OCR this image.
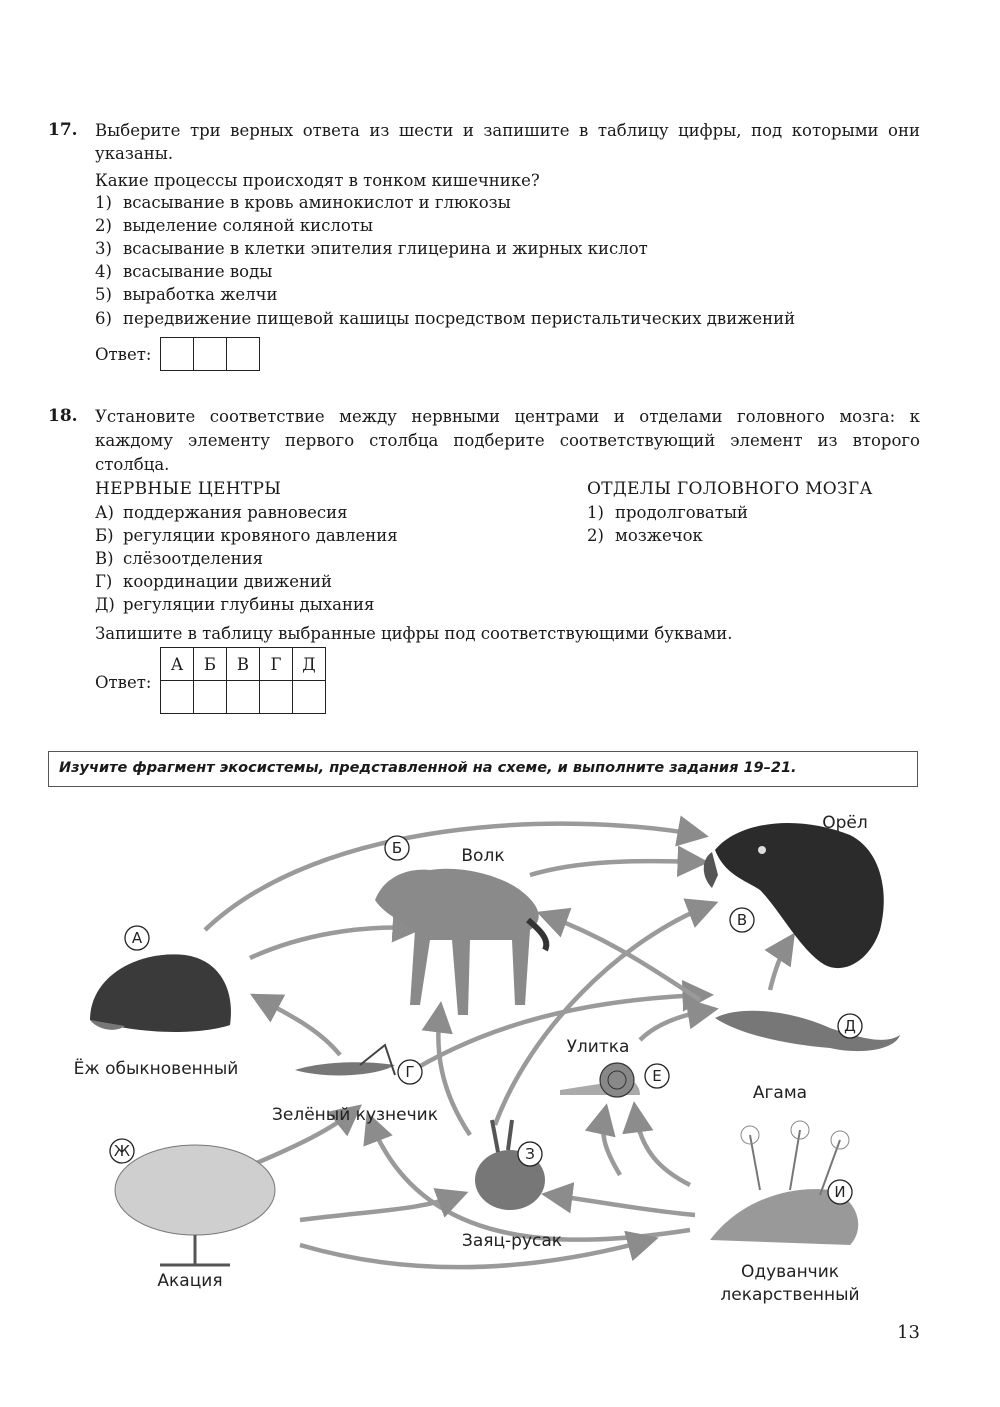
17. Выберите три верных ответа из шести и запишите в таблицу цифры, под которыми они
указаны.
Какие процессы происходят в тонком кишечнике?
1) всасывание в кровь аминокислот и глюкозы
2) выделение соляной кислоты
3) всасывание в клетки эпителия глицерина и жирных кислот
4) всасывание воды
5) выработка желчи
6) передвижение пищевой кашицы посредством перистальтических движений
Ответ:

18. Установите соответствие между нервными центрами и отделами головного мозга: к
каждому элементу первого столбца подберите соответствующий элемент из второго
столбца.
НЕРВНЫЕ ЦЕНТРЫ	ОТДЕЛЫ ГОЛОВНОГО МОЗГА
А) поддержания равновесия
Б) регуляции кровяного давления
В) слёзоотделения
Г) координации движений
Д) регуляции глубины дыхания
1) продолговатый
2) мозжечок
Запишите в таблицу выбранные цифры под соответствующими буквами.
Ответ:
А	Б	В	Г	Д

Изучите фрагмент экосистемы, представленной на схеме, и выполните задания 19–21.
В
Б
А
Г
Д
Е
Ж	З
И
Орёл
Волк
Ёж обыкновенный
Зелёный кузнечик
Агама
Улитка
Акация
Заяц-русак
Одуванчик
лекарственный
13
